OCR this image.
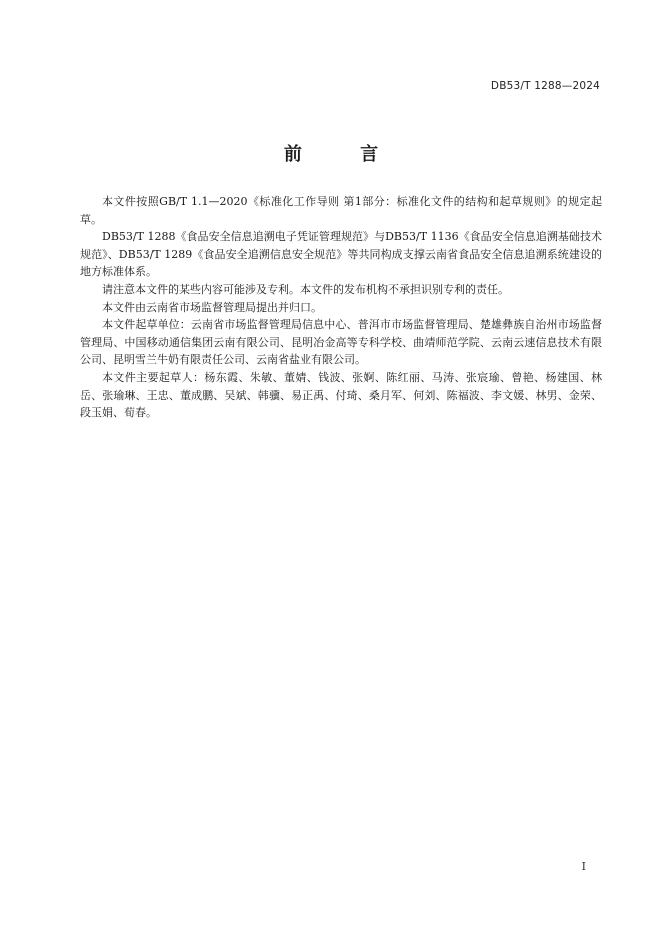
DB53/T 1288—2024
前 言

本文件按照GB/T 1.1—2020《标准化工作导则 第1部分：标准化文件的结构和起草规则》的规定起草。

DB53/T 1288《食品安全信息追溯电子凭证管理规范》与DB53/T 1136《食品安全信息追溯基础技术规范》、DB53/T 1289《食品安全追溯信息安全规范》等共同构成支撑云南省食品安全信息追溯系统建设的地方标准体系。

请注意本文件的某些内容可能涉及专利。本文件的发布机构不承担识别专利的责任。

本文件由云南省市场监督管理局提出并归口。

本文件起草单位：云南省市场监督管理局信息中心、普洱市市场监督管理局、楚雄彝族自治州市场监督管理局、中国移动通信集团云南有限公司、昆明冶金高等专科学校、曲靖师范学院、云南云速信息技术有限公司、昆明雪兰牛奶有限责任公司、云南省盐业有限公司。

本文件主要起草人：杨东霞、朱敏、董婧、钱波、张婀、陈红丽、马涛、张宸瑜、曾艳、杨建国、林岳、张瑜琳、王忠、董成鹏、吴斌、韩骥、易正禹、付琦、桑月军、何刘、陈福波、李文媛、林男、金荣、段玉娟、荀春。

I
